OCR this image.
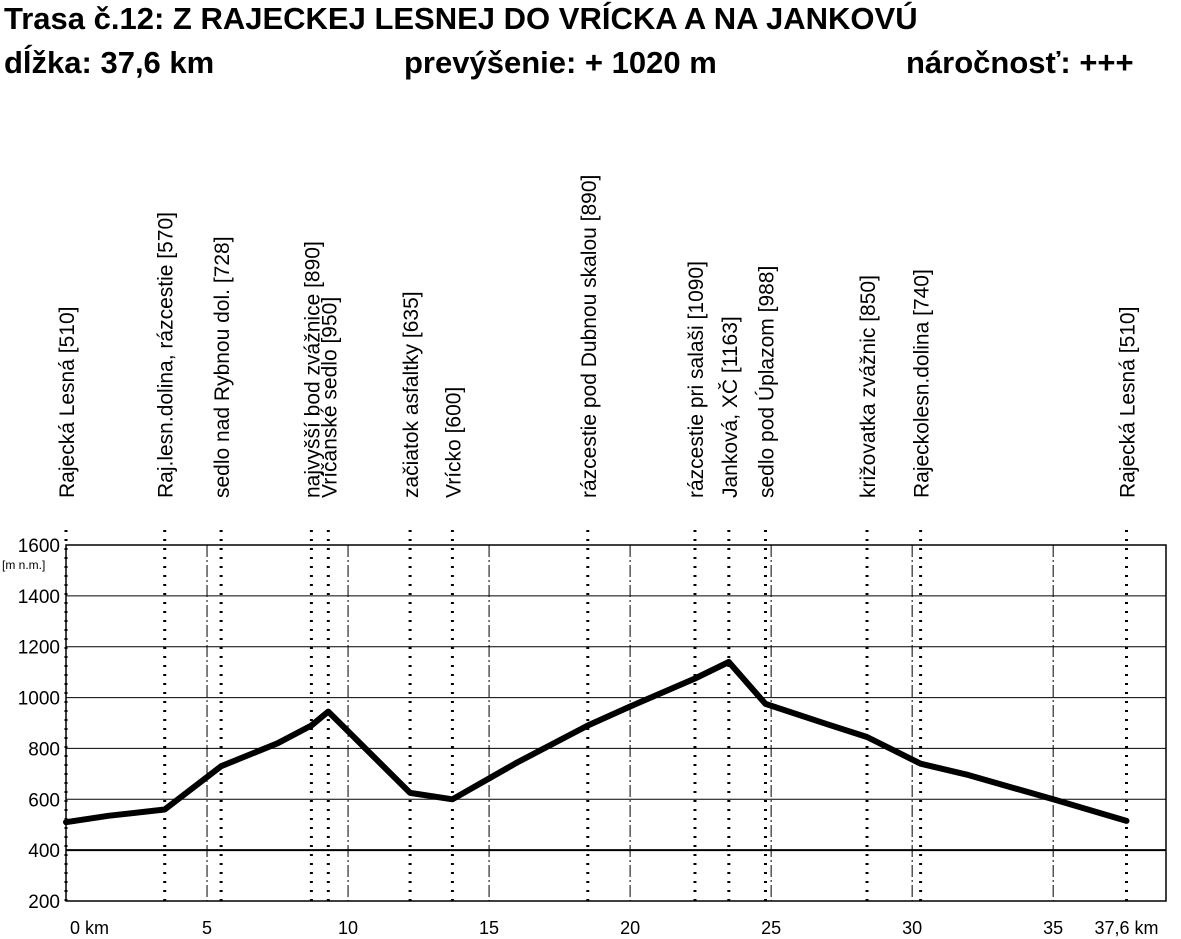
Trasa č.12: Z RAJECKEJ LESNEJ DO VRÍCKA A NA JANKOVÚ
dĺžka: 37,6 km	prevýšenie: + 1020 m	náročnosť: +++
200
400
600
800
1000
1200
1400
1600
0 km	5	10	15	20	25	30	35 37,6 km
Rajecká Lesná [510]	Raj.lesn.dolina, rázcestie [570] sedlo nad Rybnou dol. [728]	najvyšší bod zvážnice [890]
Vríčanské sedlo [950]	začiatok asfaltky [635] Vrícko [600]	rázcestie pod Dubnou skalou [890]	rázcestie pri salaši [1090] Janková, XČ [1163] sedlo pod Úplazom [988]	križovatka zvážnic [850] Rajeckolesn.dolina [740]	Rajecká Lesná [510]
[m n.m.]
